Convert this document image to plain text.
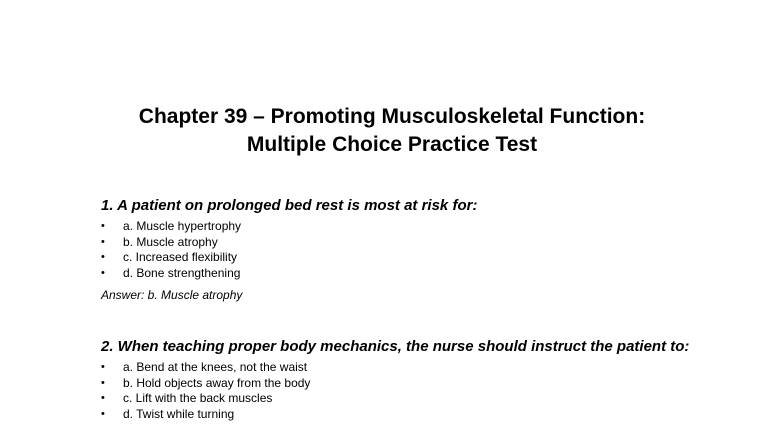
Chapter 39 – Promoting Musculoskeletal Function:
Multiple Choice Practice Test

1. A patient on prolonged bed rest is most at risk for:

• a. Muscle hypertrophy
• b. Muscle atrophy
• c. Increased flexibility
• d. Bone strengthening

Answer: b. Muscle atrophy

2. When teaching proper body mechanics, the nurse should instruct the patient to:

• a. Bend at the knees, not the waist
• b. Hold objects away from the body
• c. Lift with the back muscles
• d. Twist while turning
